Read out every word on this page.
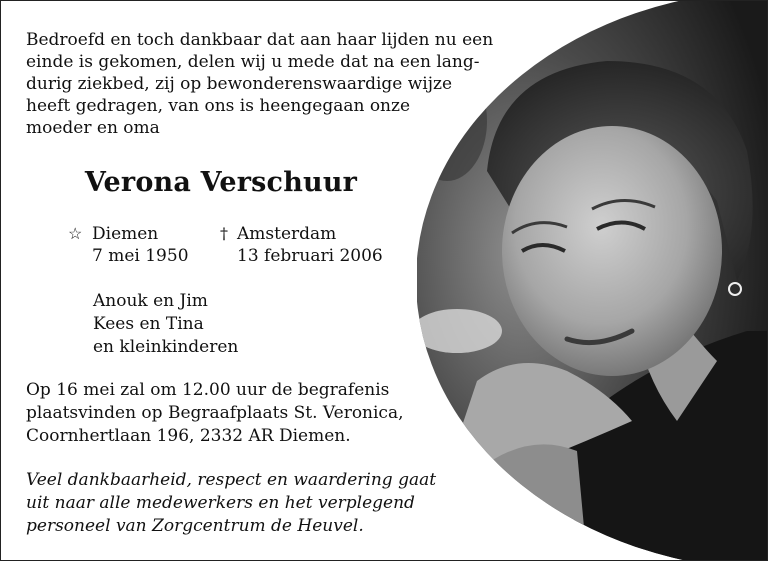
Bedroefd en toch dankbaar dat aan haar lijden nu een
einde is gekomen, delen wij u mede dat na een lang-
durig ziekbed, zij op bewonderenswaardige wijze
heeft gedragen, van ons is heengegaan onze
moeder en oma

Verona Verschuur
☆ Diemen
7 mei 1950
† Amsterdam
13 februari 2006
Anouk en Jim
Kees en Tina
en kleinkinderen
Op 16 mei zal om 12.00 uur de begrafenis
plaatsvinden op Begraafplaats St. Veronica,
Coornhertlaan 196, 2332 AR Diemen.
Veel dankbaarheid, respect en waardering gaat
uit naar alle medewerkers en het verplegend
personeel van Zorgcentrum de Heuvel.
